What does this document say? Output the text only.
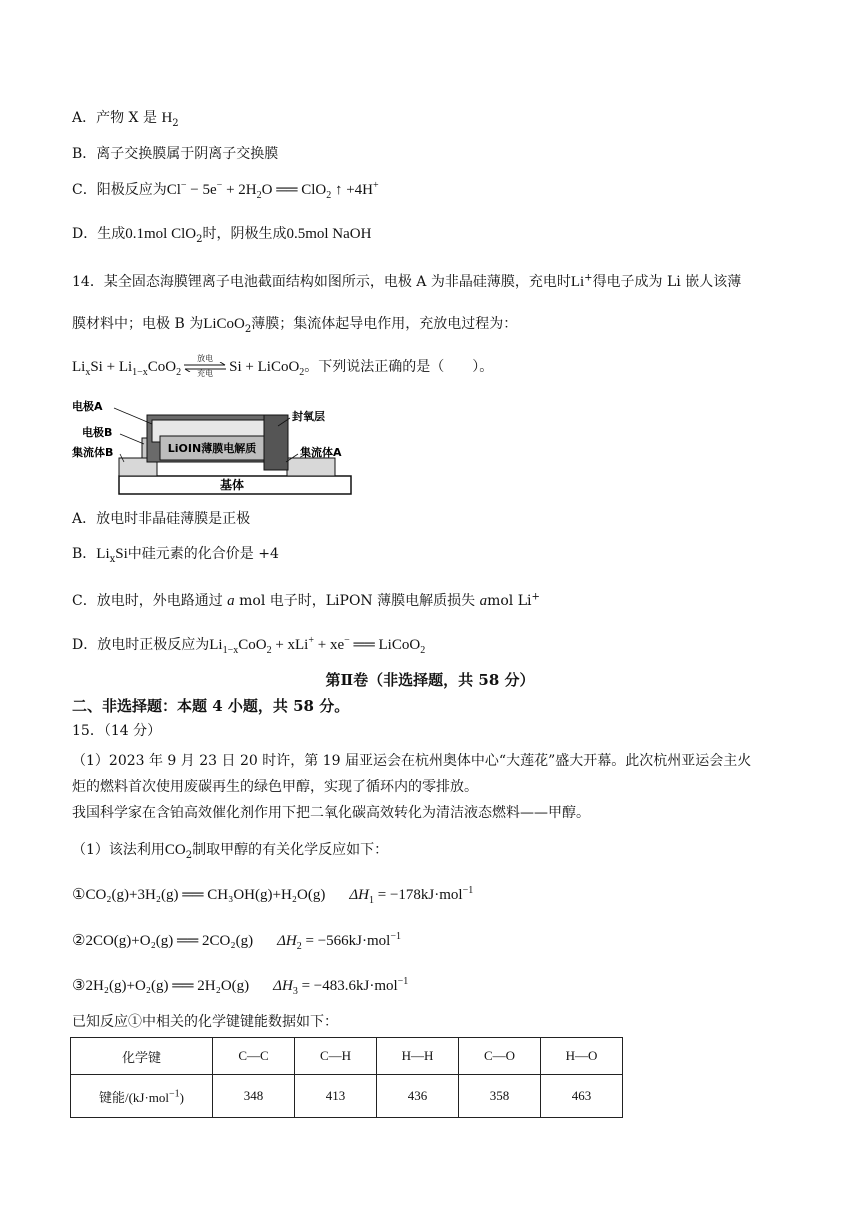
A．产物 X 是 $H_2$
B．离子交换膜属于阴离子交换膜
C．阳极反应为$Cl^- - 5e^- + 2H_2O$ ══ ClO$_2$ ↑ +4H+
D．生成0.1mol ClO$_2$时，阴极生成0.5mol NaOH
14．某全固态海膜锂离子电池截面结构如图所示，电极 A 为非晶硅薄膜，充电时Li+得电子成为 Li 嵌人该薄
膜材料中；电极 B 为LiCoO$_2$薄膜；集流体起导电作用，充放电过程为：
$Li_xSi + Li_{1-x}CoO_2$
放电
充电	Si + LiCoO$_2$。下列说法正确的是（　　）。
基体
LiOIN薄膜电解质
电极A
电极B
集流体B
封氧层
集流体A
A．放电时非晶硅薄膜是正极
B．$Li_xSi$中硅元素的化合价是 +4
C．放电时，外电路通过 a mol 电子时，LiPON 薄膜电解质损失 amol Li+
D．放电时正极反应为$Li_{1-x}CoO_2 + xLi^+ + xe^-$ ══ LiCoO$_2$
第Ⅱ卷（非选择题，共 58 分）
二、非选择题：本题 4 小题，共 58 分。
15．（14 分）
（1）2023 年 9 月 23 日 20 时许，第 19 届亚运会在杭州奥体中心“大莲花”盛大开幕。此次杭州亚运会主火
炬的燃料首次使用废碳再生的绿色甲醇，实现了循环内的零排放。
我国科学家在含铂高效催化剂作用下把二氧化碳高效转化为清洁液态燃料——甲醇。
（1）该法利用$CO_2$制取甲醇的有关化学反应如下：
①CO₂(g)+3H₂(g) ══ CH₃OH(g)+H₂O(g) $\Delta H_1 = -178kJ\cdot mol^{-1}$
②2CO(g)+O₂(g) ══ 2CO₂(g) $\Delta H_2 = -566kJ\cdot mol^{-1}$
③2H₂(g)+O₂(g) ══ 2H₂O(g) $\Delta H_3 = -483.6kJ\cdot mol^{-1}$
已知反应①中相关的化学键键能数据如下：
化学键	C—C	C—H	H—H	C—O	H—O
键能/(kJ·mol$^{-1}$)	348	413	436	358	463
